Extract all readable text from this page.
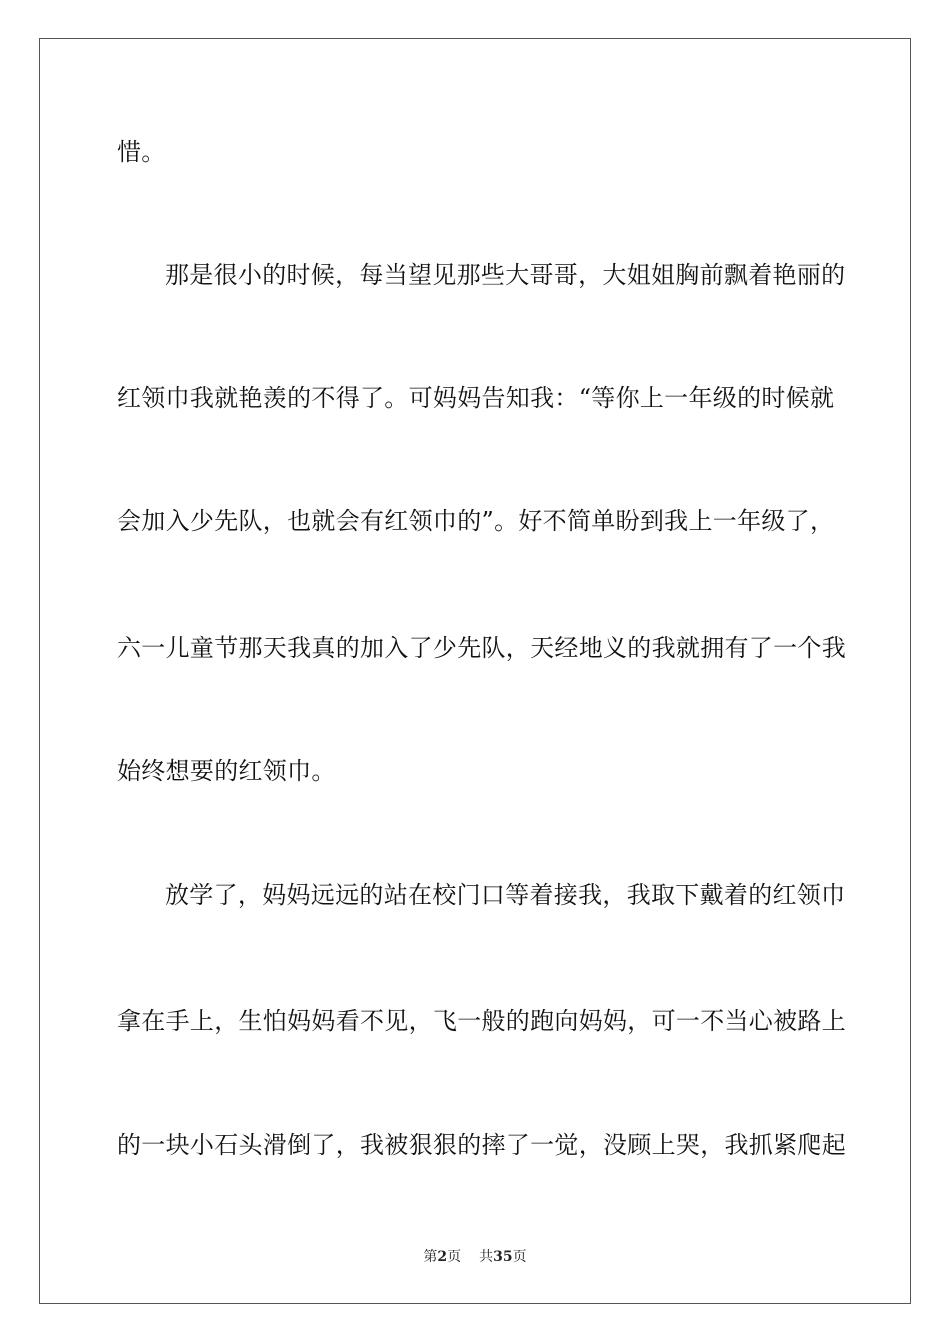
惜。
那是很小的时候，每当望见那些大哥哥，大姐姐胸前飘着艳丽的
红领巾我就艳羡的不得了。可妈妈告知我：“等你上一年级的时候就
会加入少先队，也就会有红领巾的”。好不简单盼到我上一年级了，
六一儿童节那天我真的加入了少先队，天经地义的我就拥有了一个我
始终想要的红领巾。
放学了，妈妈远远的站在校门口等着接我，我取下戴着的红领巾
拿在手上，生怕妈妈看不见，飞一般的跑向妈妈，可一不当心被路上
的一块小石头滑倒了，我被狠狠的摔了一觉，没顾上哭，我抓紧爬起
第2页 共35页
